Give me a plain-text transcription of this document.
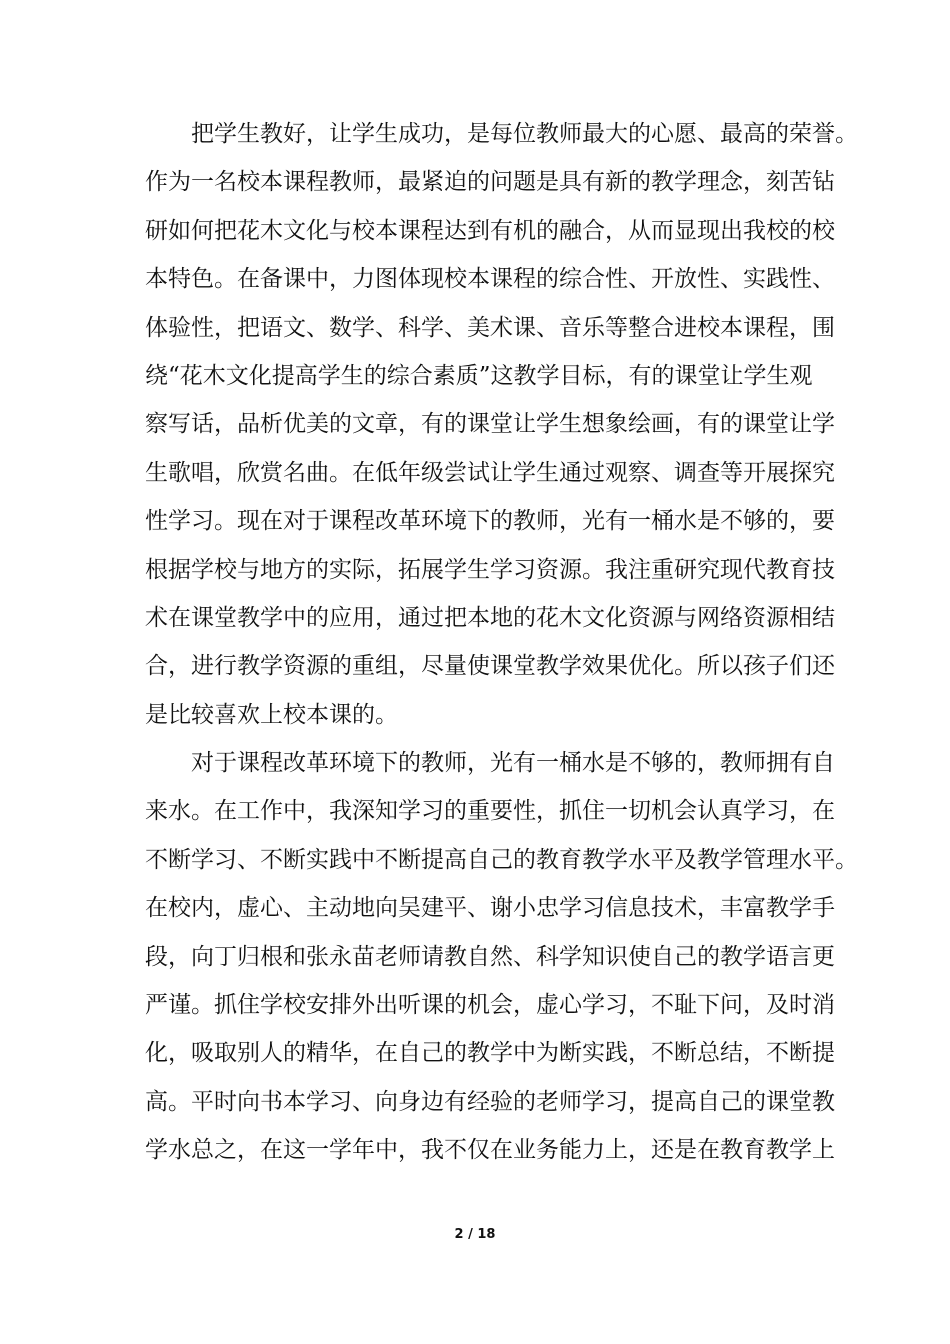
把学生教好，让学生成功，是每位教师最大的心愿、最高的荣誉。
作为一名校本课程教师，最紧迫的问题是具有新的教学理念，刻苦钻
研如何把花木文化与校本课程达到有机的融合，从而显现出我校的校
本特色。在备课中，力图体现校本课程的综合性、开放性、实践性、
体验性，把语文、数学、科学、美术课、音乐等整合进校本课程，围
绕“花木文化提高学生的综合素质”这教学目标，有的课堂让学生观
察写话，品析优美的文章，有的课堂让学生想象绘画，有的课堂让学
生歌唱，欣赏名曲。在低年级尝试让学生通过观察、调查等开展探究
性学习。现在对于课程改革环境下的教师，光有一桶水是不够的，要
根据学校与地方的实际，拓展学生学习资源。我注重研究现代教育技
术在课堂教学中的应用，通过把本地的花木文化资源与网络资源相结
合，进行教学资源的重组，尽量使课堂教学效果优化。所以孩子们还
是比较喜欢上校本课的。
对于课程改革环境下的教师，光有一桶水是不够的，教师拥有自
来水。在工作中，我深知学习的重要性，抓住一切机会认真学习，在
不断学习、不断实践中不断提高自己的教育教学水平及教学管理水平。
在校内，虚心、主动地向吴建平、谢小忠学习信息技术，丰富教学手
段，向丁归根和张永苗老师请教自然、科学知识使自己的教学语言更
严谨。抓住学校安排外出听课的机会，虚心学习，不耻下问，及时消
化，吸取别人的精华，在自己的教学中为断实践，不断总结，不断提
高。平时向书本学习、向身边有经验的老师学习，提高自己的课堂教
学水总之，在这一学年中，我不仅在业务能力上，还是在教育教学上
2 / 18
